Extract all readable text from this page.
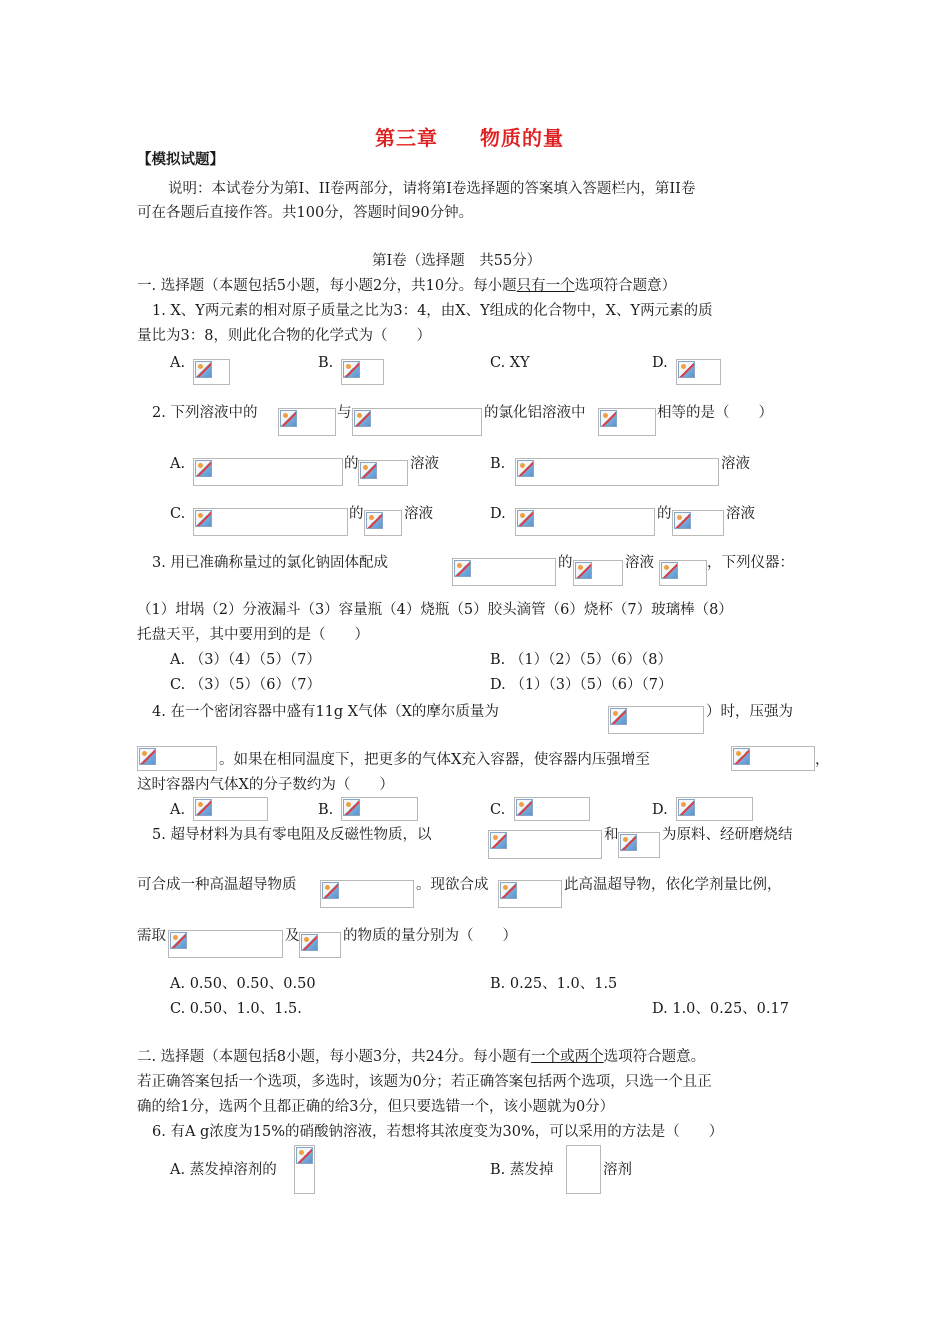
第三章　　物质的量
【模拟试题】
说明：本试卷分为第Ⅰ、II卷两部分，请将第Ⅰ卷选择题的答案填入答题栏内，第II卷
可在各题后直接作答。共100分，答题时间90分钟。
第Ⅰ卷（选择题　共55分）
一. 选择题（本题包括5小题，每小题2分，共10分。每小题只有一个选项符合题意）
1. X、Y两元素的相对原子质量之比为3：4，由X、Y组成的化合物中，X、Y两元素的质
量比为3：8，则此化合物的化学式为（　　）
A.	B.	C. XY	D.
2. 下列溶液中的	与	的氯化铝溶液中	相等的是（　　）
A.	的	溶液	B.	溶液
C.	的	溶液	D.	的	溶液
3. 用已准确称量过的氯化钠固体配成	的	溶液	，下列仪器：
（1）坩埚（2）分液漏斗（3）容量瓶（4）烧瓶（5）胶头滴管（6）烧杯（7）玻璃棒（8）
托盘天平，其中要用到的是（　　）
A. （3）（4）（5）（7）	B. （1）（2）（5）（6）（8）
C. （3）（5）（6）（7）	D. （1）（3）（5）（6）（7）
4. 在一个密闭容器中盛有11g X气体（X的摩尔质量为	）时，压强为
。如果在相同温度下，把更多的气体X充入容器，使容器内压强增至	，
这时容器内气体X的分子数约为（　　）
A.	B.	C.	D.
5. 超导材料为具有零电阻及反磁性物质，以	和	为原料、经研磨烧结
可合成一种高温超导物质	。现欲合成	此高温超导物，依化学剂量比例，
需取	及	的物质的量分别为（　　）
A. 0.50、0.50、0.50	B. 0.25、1.0、1.5
C. 0.50、1.0、1.5.	D. 1.0、0.25、0.17
二. 选择题（本题包括8小题，每小题3分，共24分。每小题有一个或两个选项符合题意。
若正确答案包括一个选项，多选时，该题为0分；若正确答案包括两个选项，只选一个且正
确的给1分，选两个且都正确的给3分，但只要选错一个，该小题就为0分）
6. 有A g浓度为15%的硝酸钠溶液，若想将其浓度变为30%，可以采用的方法是（　　）
A. 蒸发掉溶剂的	B. 蒸发掉	溶剂
